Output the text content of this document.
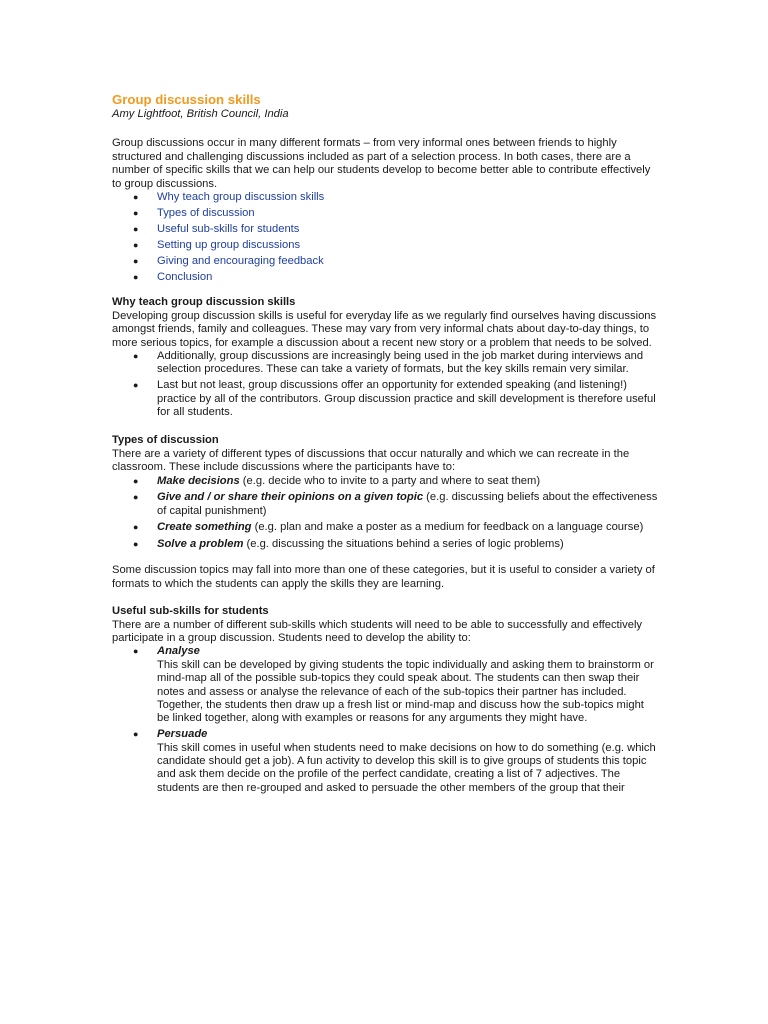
Group discussion skills

Amy Lightfoot, British Council, India

Group discussions occur in many different formats – from very informal ones between friends to highly structured and challenging discussions included as part of a selection process. In both cases, there are a number of specific skills that we can help our students develop to become better able to contribute effectively to group discussions.

● Why teach group discussion skills
● Types of discussion
● Useful sub-skills for students
● Setting up group discussions
● Giving and encouraging feedback
● Conclusion
Why teach group discussion skills

Developing group discussion skills is useful for everyday life as we regularly find ourselves having discussions amongst friends, family and colleagues. These may vary from very informal chats about day-to-day things, to more serious topics, for example a discussion about a recent new story or a problem that needs to be solved.

● Additionally, group discussions are increasingly being used in the job market during interviews and selection procedures. These can take a variety of formats, but the key skills remain very similar.
● Last but not least, group discussions offer an opportunity for extended speaking (and listening!) practice by all of the contributors. Group discussion practice and skill development is therefore useful for all students.
Types of discussion

There are a variety of different types of discussions that occur naturally and which we can recreate in the classroom. These include discussions where the participants have to:

● Make decisions (e.g. decide who to invite to a party and where to seat them)
● Give and / or share their opinions on a given topic (e.g. discussing beliefs about the effectiveness of capital punishment)
● Create something (e.g. plan and make a poster as a medium for feedback on a language course)
● Solve a problem (e.g. discussing the situations behind a series of logic problems)

Some discussion topics may fall into more than one of these categories, but it is useful to consider a variety of formats to which the students can apply the skills they are learning.

Useful sub-skills for students

There are a number of different sub-skills which students will need to be able to successfully and effectively participate in a group discussion. Students need to develop the ability to:

● Analyse
This skill can be developed by giving students the topic individually and asking them to brainstorm or mind-map all of the possible sub-topics they could speak about. The students can then swap their notes and assess or analyse the relevance of each of the sub-topics their partner has included. Together, the students then draw up a fresh list or mind-map and discuss how the sub-topics might be linked together, along with examples or reasons for any arguments they might have.
● Persuade
This skill comes in useful when students need to make decisions on how to do something (e.g. which candidate should get a job). A fun activity to develop this skill is to give groups of students this topic and ask them decide on the profile of the perfect candidate, creating a list of 7 adjectives. The students are then re-grouped and asked to persuade the other members of the group that their
